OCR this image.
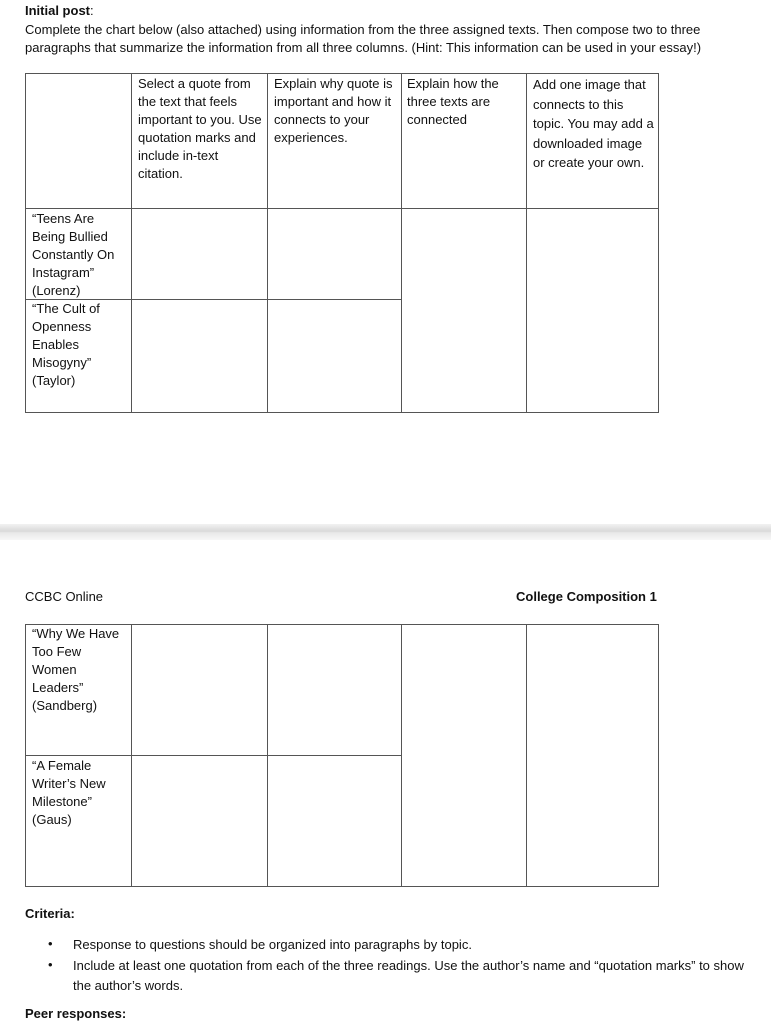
Initial post:
Complete the chart below (also attached) using information from the three assigned texts. Then compose two to three paragraphs that summarize the information from all three columns. (Hint: This information can be used in your essay!)
Select a quote from the text that feels important to you. Use quotation marks and include in-text citation.
Explain why quote is important and how it connects to your experiences.
Explain how the three texts are connected
Add one image that connects to this topic. You may add a downloaded image or create your own.
“Teens Are Being Bullied Constantly On Instagram” (Lorenz)
“The Cult of Openness Enables Misogyny” (Taylor)
CCBC Online	College Composition 1
“Why We Have Too Few Women Leaders” (Sandberg)
“A Female Writer’s New Milestone” (Gaus)
Criteria:
• Response to questions should be organized into paragraphs by topic.
• Include at least one quotation from each of the three readings. Use the author’s name and “quotation marks” to show the author’s words.
Peer responses:
